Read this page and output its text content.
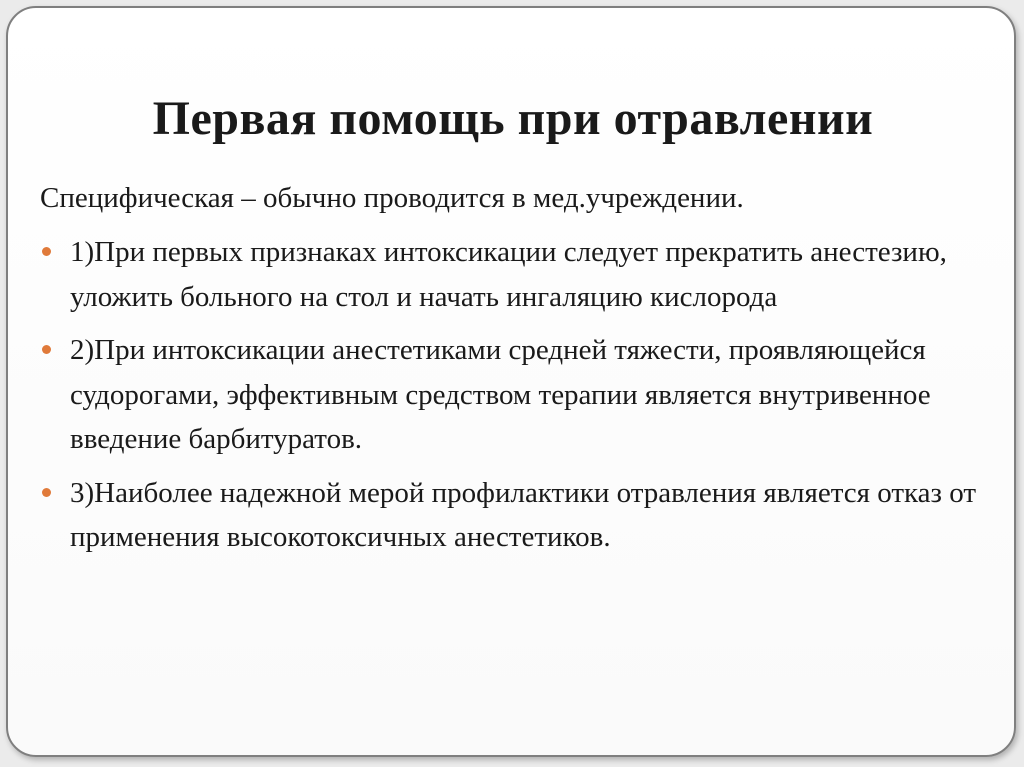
Первая помощь при отравлении

Специфическая – обычно проводится в мед.учреждении.

1)При первых признаках интоксикации следует прекратить анестезию, уложить больного на стол и начать ингаляцию кислорода
2)При интоксикации анестетиками средней тяжести, проявляющейся судорогами, эффективным средством терапии является внутривенное введение барбитуратов.
3)Наиболее надежной мерой профилактики отравления является отказ от применения высокотоксичных анестетиков.
